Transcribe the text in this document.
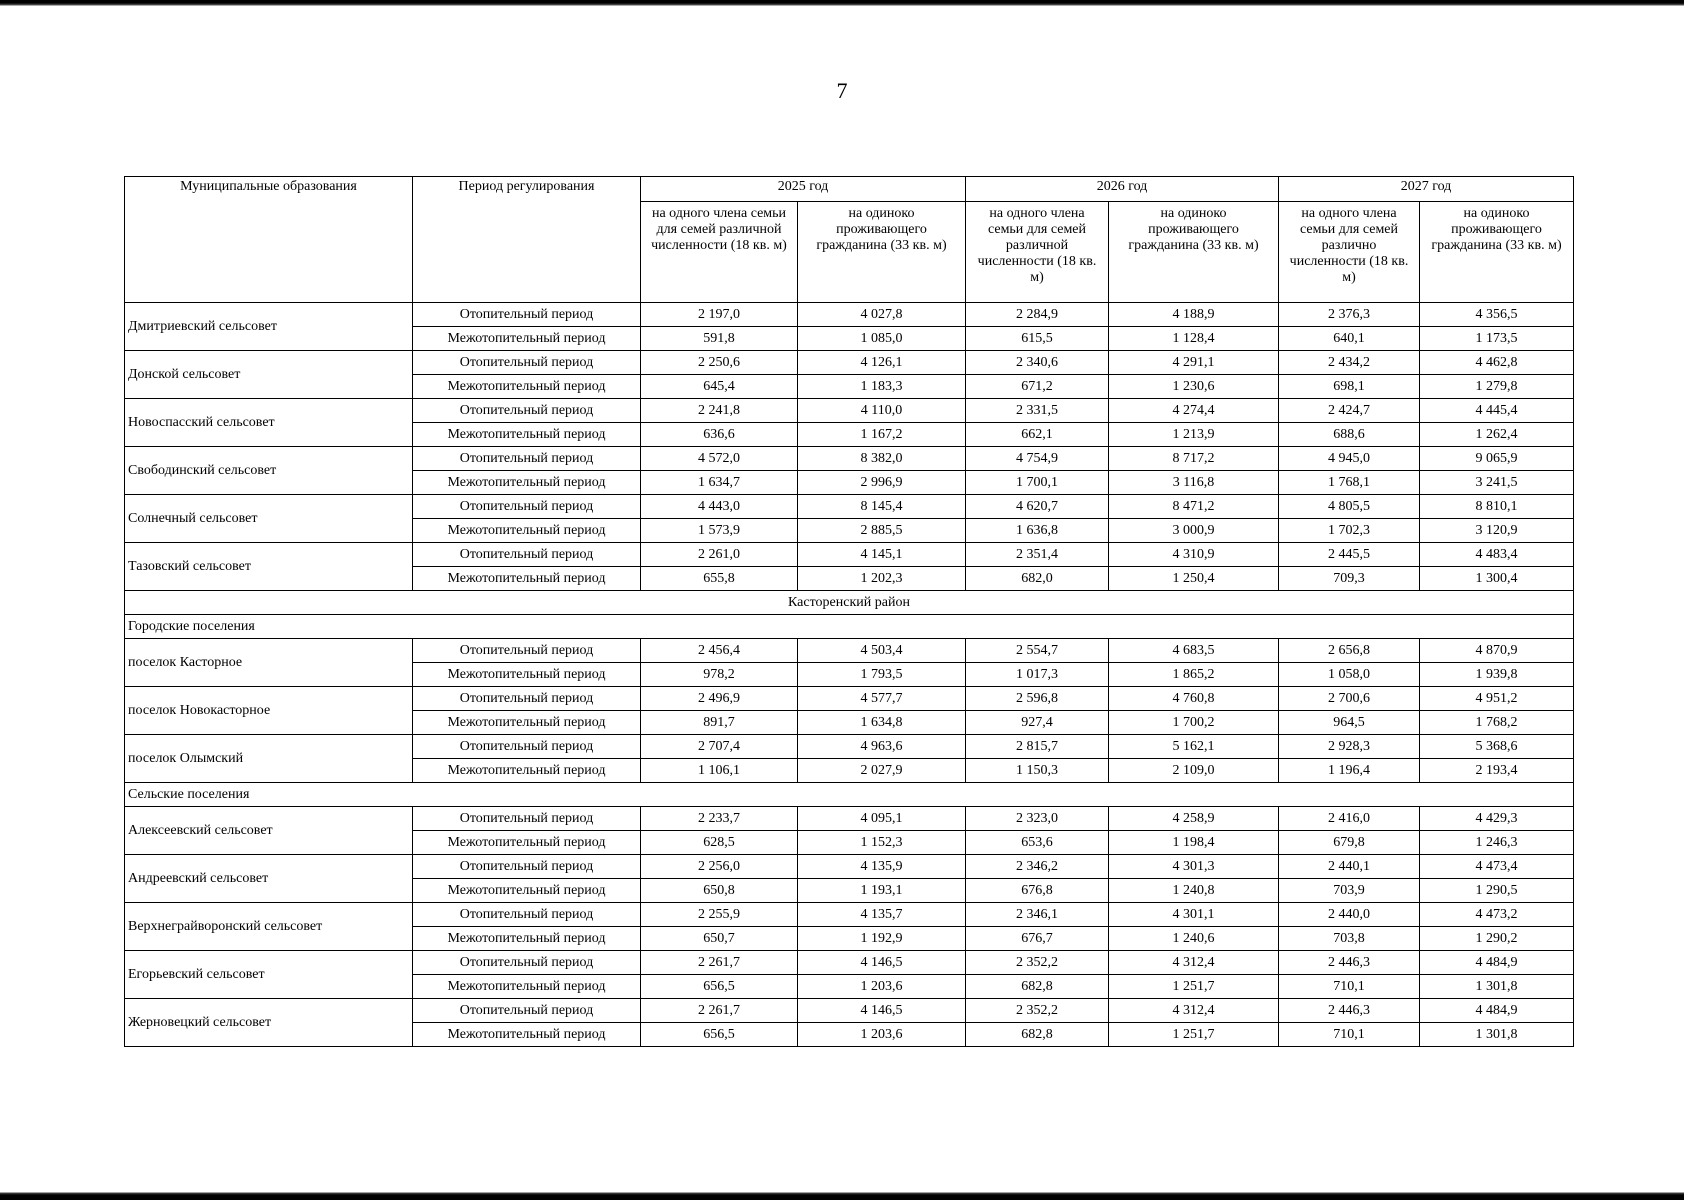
7
Муниципальные образования	Период регулирования	2025 год		2026 год		2027 год	
		на одного члена семьи для семей различной численности (18 кв. м)	на одиноко проживающего гражданина (33 кв. м)	на одного члена семьи для семей различной численности (18 кв. м)	на одиноко проживающего гражданина (33 кв. м)	на одного члена семьи для семей различно численности (18 кв. м)	на одиноко проживающего гражданина (33 кв. м)
Дмитриевский сельсовет	Отопительный период	2 197,0	4 027,8	2 284,9	4 188,9	2 376,3	4 356,5
	Межотопительный период	591,8	1 085,0	615,5	1 128,4	640,1	1 173,5
Донской сельсовет	Отопительный период	2 250,6	4 126,1	2 340,6	4 291,1	2 434,2	4 462,8
	Межотопительный период	645,4	1 183,3	671,2	1 230,6	698,1	1 279,8
Новоспасский сельсовет	Отопительный период	2 241,8	4 110,0	2 331,5	4 274,4	2 424,7	4 445,4
	Межотопительный период	636,6	1 167,2	662,1	1 213,9	688,6	1 262,4
Свободинский сельсовет	Отопительный период	4 572,0	8 382,0	4 754,9	8 717,2	4 945,0	9 065,9
	Межотопительный период	1 634,7	2 996,9	1 700,1	3 116,8	1 768,1	3 241,5
Солнечный сельсовет	Отопительный период	4 443,0	8 145,4	4 620,7	8 471,2	4 805,5	8 810,1
	Межотопительный период	1 573,9	2 885,5	1 636,8	3 000,9	1 702,3	3 120,9
Тазовский сельсовет	Отопительный период	2 261,0	4 145,1	2 351,4	4 310,9	2 445,5	4 483,4
	Межотопительный период	655,8	1 202,3	682,0	1 250,4	709,3	1 300,4
Касторенский район							
Городские поселения							
поселок Касторное	Отопительный период	2 456,4	4 503,4	2 554,7	4 683,5	2 656,8	4 870,9
	Межотопительный период	978,2	1 793,5	1 017,3	1 865,2	1 058,0	1 939,8
поселок Новокасторное	Отопительный период	2 496,9	4 577,7	2 596,8	4 760,8	2 700,6	4 951,2
	Межотопительный период	891,7	1 634,8	927,4	1 700,2	964,5	1 768,2
поселок Олымский	Отопительный период	2 707,4	4 963,6	2 815,7	5 162,1	2 928,3	5 368,6
	Межотопительный период	1 106,1	2 027,9	1 150,3	2 109,0	1 196,4	2 193,4
Сельские поселения							
Алексеевский сельсовет	Отопительный период	2 233,7	4 095,1	2 323,0	4 258,9	2 416,0	4 429,3
	Межотопительный период	628,5	1 152,3	653,6	1 198,4	679,8	1 246,3
Андреевский сельсовет	Отопительный период	2 256,0	4 135,9	2 346,2	4 301,3	2 440,1	4 473,4
	Межотопительный период	650,8	1 193,1	676,8	1 240,8	703,9	1 290,5
Верхнеграйворонский сельсовет	Отопительный период	2 255,9	4 135,7	2 346,1	4 301,1	2 440,0	4 473,2
	Межотопительный период	650,7	1 192,9	676,7	1 240,6	703,8	1 290,2
Егорьевский сельсовет	Отопительный период	2 261,7	4 146,5	2 352,2	4 312,4	2 446,3	4 484,9
	Межотопительный период	656,5	1 203,6	682,8	1 251,7	710,1	1 301,8
Жерновецкий сельсовет	Отопительный период	2 261,7	4 146,5	2 352,2	4 312,4	2 446,3	4 484,9
	Межотопительный период	656,5	1 203,6	682,8	1 251,7	710,1	1 301,8
